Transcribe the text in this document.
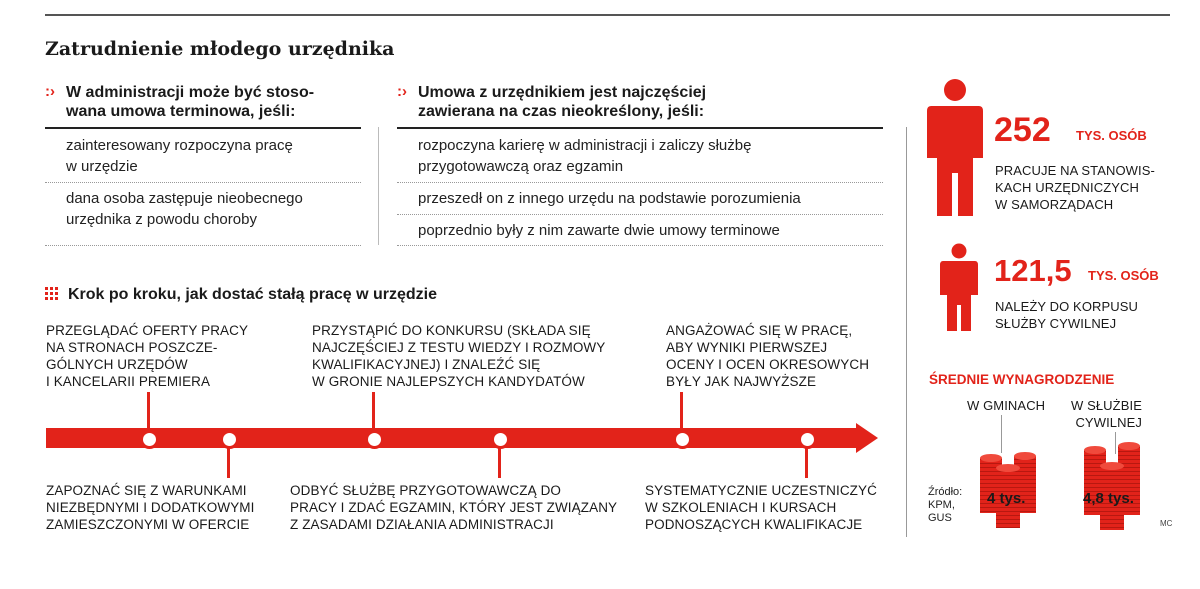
Zatrudnienie młodego urzędnika
:› W administracji może być stoso-
wana umowa terminowa, jeśli:
zainteresowany rozpoczyna pracę
w urzędzie
dana osoba zastępuje nieobecnego
urzędnika z powodu choroby
:› Umowa z urzędnikiem jest najczęściej
zawierana na czas nieokreślony, jeśli:
rozpoczyna karierę w administracji i zaliczy służbę
przygotowawczą oraz egzamin
przeszedł on z innego urzędu na podstawie porozumienia
poprzednio były z nim zawarte dwie umowy terminowe
Krok po kroku, jak dostać stałą pracę w urzędzie
PRZEGLĄDAĆ OFERTY PRACY
NA STRONACH POSZCZE-
GÓLNYCH URZĘDÓW
I KANCELARII PREMIERA
PRZYSTĄPIĆ DO KONKURSU (SKŁADA SIĘ
NAJCZĘŚCIEJ Z TESTU WIEDZY I ROZMOWY
KWALIFIKACYJNEJ) I ZNALEŹĆ SIĘ
W GRONIE NAJLEPSZYCH KANDYDATÓW
ANGAŻOWAĆ SIĘ W PRACĘ,
ABY WYNIKI PIERWSZEJ
OCENY I OCEN OKRESOWYCH
BYŁY JAK NAJWYŻSZE
ZAPOZNAĆ SIĘ Z WARUNKAMI
NIEZBĘDNYMI I DODATKOWYMI
ZAMIESZCZONYMI W OFERCIE
ODBYĆ SŁUŻBĘ PRZYGOTOWAWCZĄ DO
PRACY I ZDAĆ EGZAMIN, KTÓRY JEST ZWIĄZANY
Z ZASADAMI DZIAŁANIA ADMINISTRACJI
SYSTEMATYCZNIE UCZESTNICZYĆ
W SZKOLENIACH I KURSACH
PODNOSZĄCYCH KWALIFIKACJE
252 TYS. OSÓB
PRACUJE NA STANOWIS-
KACH URZĘDNICZYCH
W SAMORZĄDACH
121,5 TYS. OSÓB
NALEŻY DO KORPUSU
SŁUŻBY CYWILNEJ
ŚREDNIE WYNAGRODZENIE
W GMINACH W SŁUŻBIE
CYWILNEJ
4 tys.	4,8 tys.
Źródło:
KPM,
GUS	MC
